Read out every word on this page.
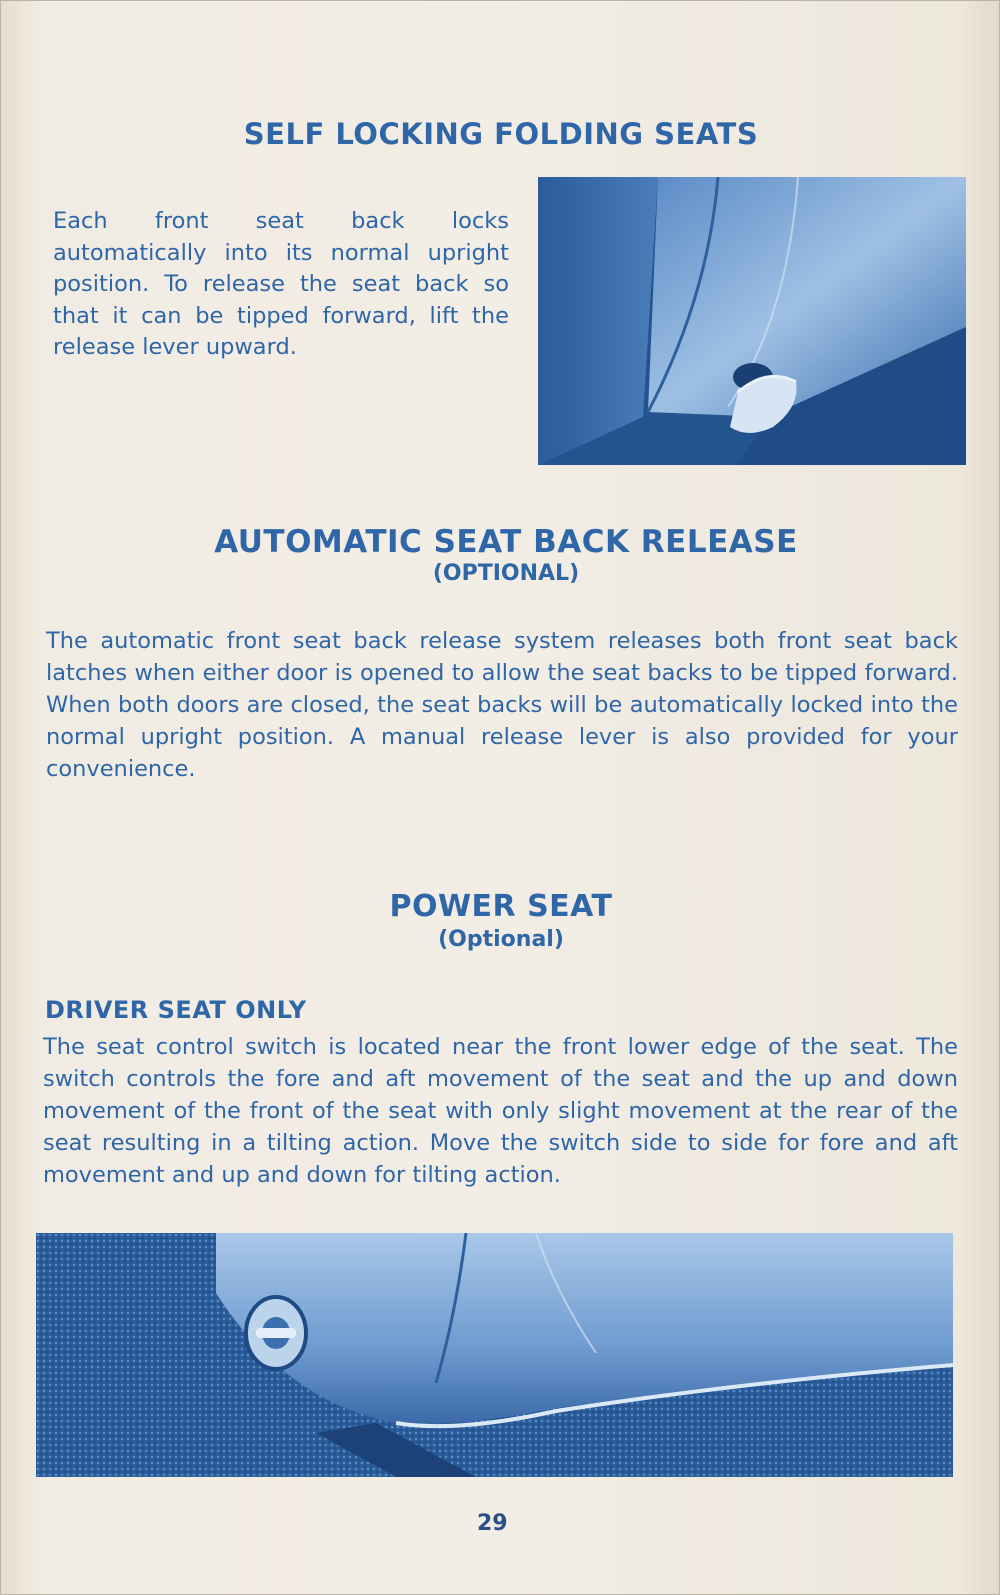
SELF LOCKING FOLDING SEATS

Each front seat back locks automatically into its normal upright position. To release the seat back so that it can be tipped forward, lift the release lever upward.

AUTOMATIC SEAT BACK RELEASE
(OPTIONAL)

The automatic front seat back release system releases both front seat back latches when either door is opened to allow the seat backs to be tipped forward. When both doors are closed, the seat backs will be automatically locked into the normal upright position. A manual release lever is also provided for your convenience.

POWER SEAT
(Optional)
DRIVER SEAT ONLY

The seat control switch is located near the front lower edge of the seat. The switch controls the fore and aft movement of the seat and the up and down movement of the front of the seat with only slight movement at the rear of the seat resulting in a tilting action. Move the switch side to side for fore and aft movement and up and down for tilting action.

29
